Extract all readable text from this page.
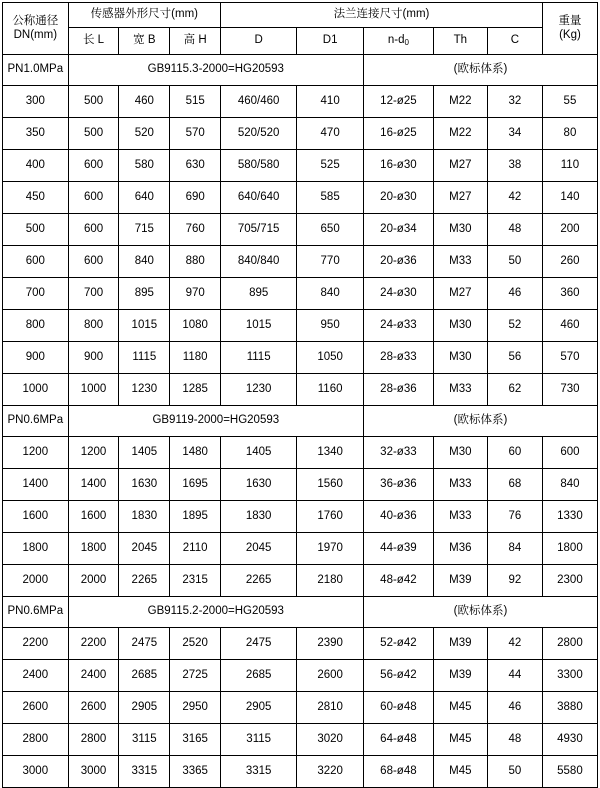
公称通径
DN(mm)	传感器外形尺寸(mm)			法兰连接尺寸(mm)					重量
(Kg)

	长 L	宽 B	高 H	D	D1	$n-d_0$	Th	C	
PN1.0MPa	GB9115.3-2000=HG20593					(欧标体系)			
300	500	460	515	460/460	410	12-ø25	M22	32	55
350	500	520	570	520/520	470	16-ø25	M22	34	80
400	600	580	630	580/580	525	16-ø30	M27	38	110
450	600	640	690	640/640	585	20-ø30	M27	42	140
500	600	715	760	705/715	650	20-ø34	M30	48	200
600	600	840	880	840/840	770	20-ø36	M33	50	260
700	700	895	970	895	840	24-ø30	M27	46	360
800	800	1015	1080	1015	950	24-ø33	M30	52	460
900	900	1115	1180	1115	1050	28-ø33	M30	56	570
1000	1000	1230	1285	1230	1160	28-ø36	M33	62	730
PN0.6MPa	GB9119-2000=HG20593					(欧标体系)			
1200	1200	1405	1480	1405	1340	32-ø33	M30	60	600
1400	1400	1630	1695	1630	1560	36-ø36	M33	68	840
1600	1600	1830	1895	1830	1760	40-ø36	M33	76	1330
1800	1800	2045	2110	2045	1970	44-ø39	M36	84	1800
2000	2000	2265	2315	2265	2180	48-ø42	M39	92	2300
PN0.6MPa	GB9115.2-2000=HG20593					(欧标体系)			
2200	2200	2475	2520	2475	2390	52-ø42	M39	42	2800
2400	2400	2685	2725	2685	2600	56-ø42	M39	44	3300
2600	2600	2905	2950	2905	2810	60-ø48	M45	46	3880
2800	2800	3115	3165	3115	3020	64-ø48	M45	48	4930
3000	3000	3315	3365	3315	3220	68-ø48	M45	50	5580
